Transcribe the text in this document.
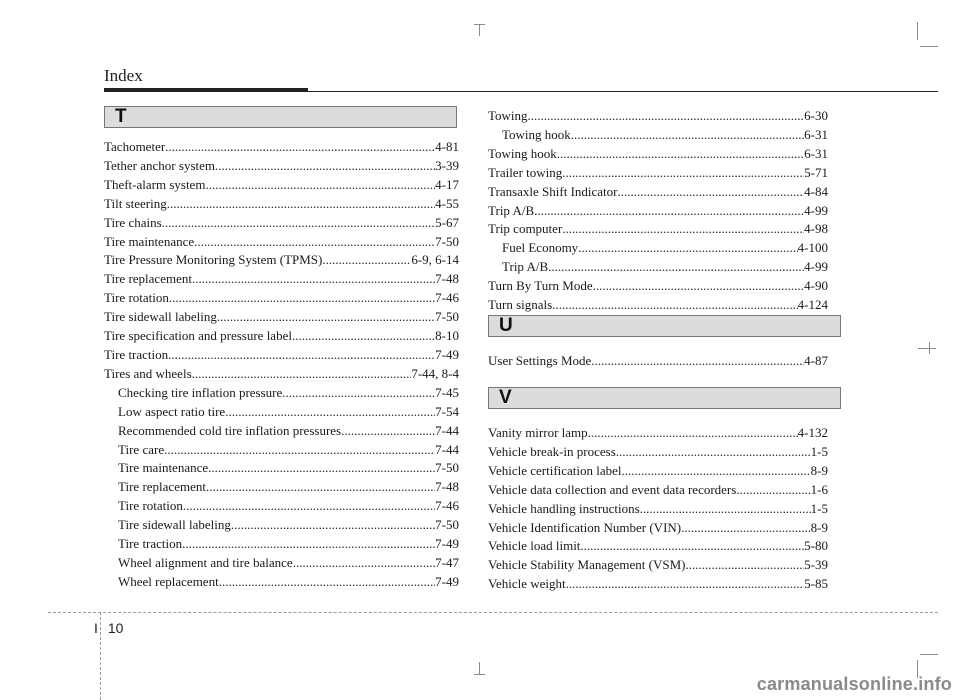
Index
T
U
V
Tachometer .....	4-81
Tether anchor system .....	3-39
Theft-alarm system .....	4-17
Tilt steering .....	4-55
Tire chains .....	5-67
Tire maintenance .....	7-50
Tire Pressure Monitoring System (TPMS) .....	6-9, 6-14
Tire replacement .....	7-48
Tire rotation .....	7-46
Tire sidewall labeling .....	7-50
Tire specification and pressure label .....	8-10
Tire traction .....	7-49
Tires and wheels .....	7-44, 8-4
Checking tire inflation pressure .....	7-45
Low aspect ratio tire .....	7-54
Recommended cold tire inflation pressures .....	7-44
Tire care .....	7-44
Tire maintenance .....	7-50
Tire replacement .....	7-48
Tire rotation .....	7-46
Tire sidewall labeling .....	7-50
Tire traction .....	7-49
Wheel alignment and tire balance .....	7-47
Wheel replacement .....	7-49
Towing .....	6-30
Towing hook .....	6-31
Towing hook .....	6-31
Trailer towing .....	5-71
Transaxle Shift Indicator .....	4-84
Trip A/B .....	4-99
Trip computer .....	4-98
Fuel Economy .....	4-100
Trip A/B .....	4-99
Turn By Turn Mode .....	4-90
Turn signals .....	4-124
User Settings Mode .....	4-87
Vanity mirror lamp .....	4-132
Vehicle break-in process .....	1-5
Vehicle certification label .....	8-9
Vehicle data collection and event data recorders .....	1-6
Vehicle handling instructions .....	1-5
Vehicle Identification Number (VIN) .....	8-9
Vehicle load limit .....	5-80
Vehicle Stability Management (VSM) .....	5-39
Vehicle weight .....	5-85
I 10
carmanualsonline.info
